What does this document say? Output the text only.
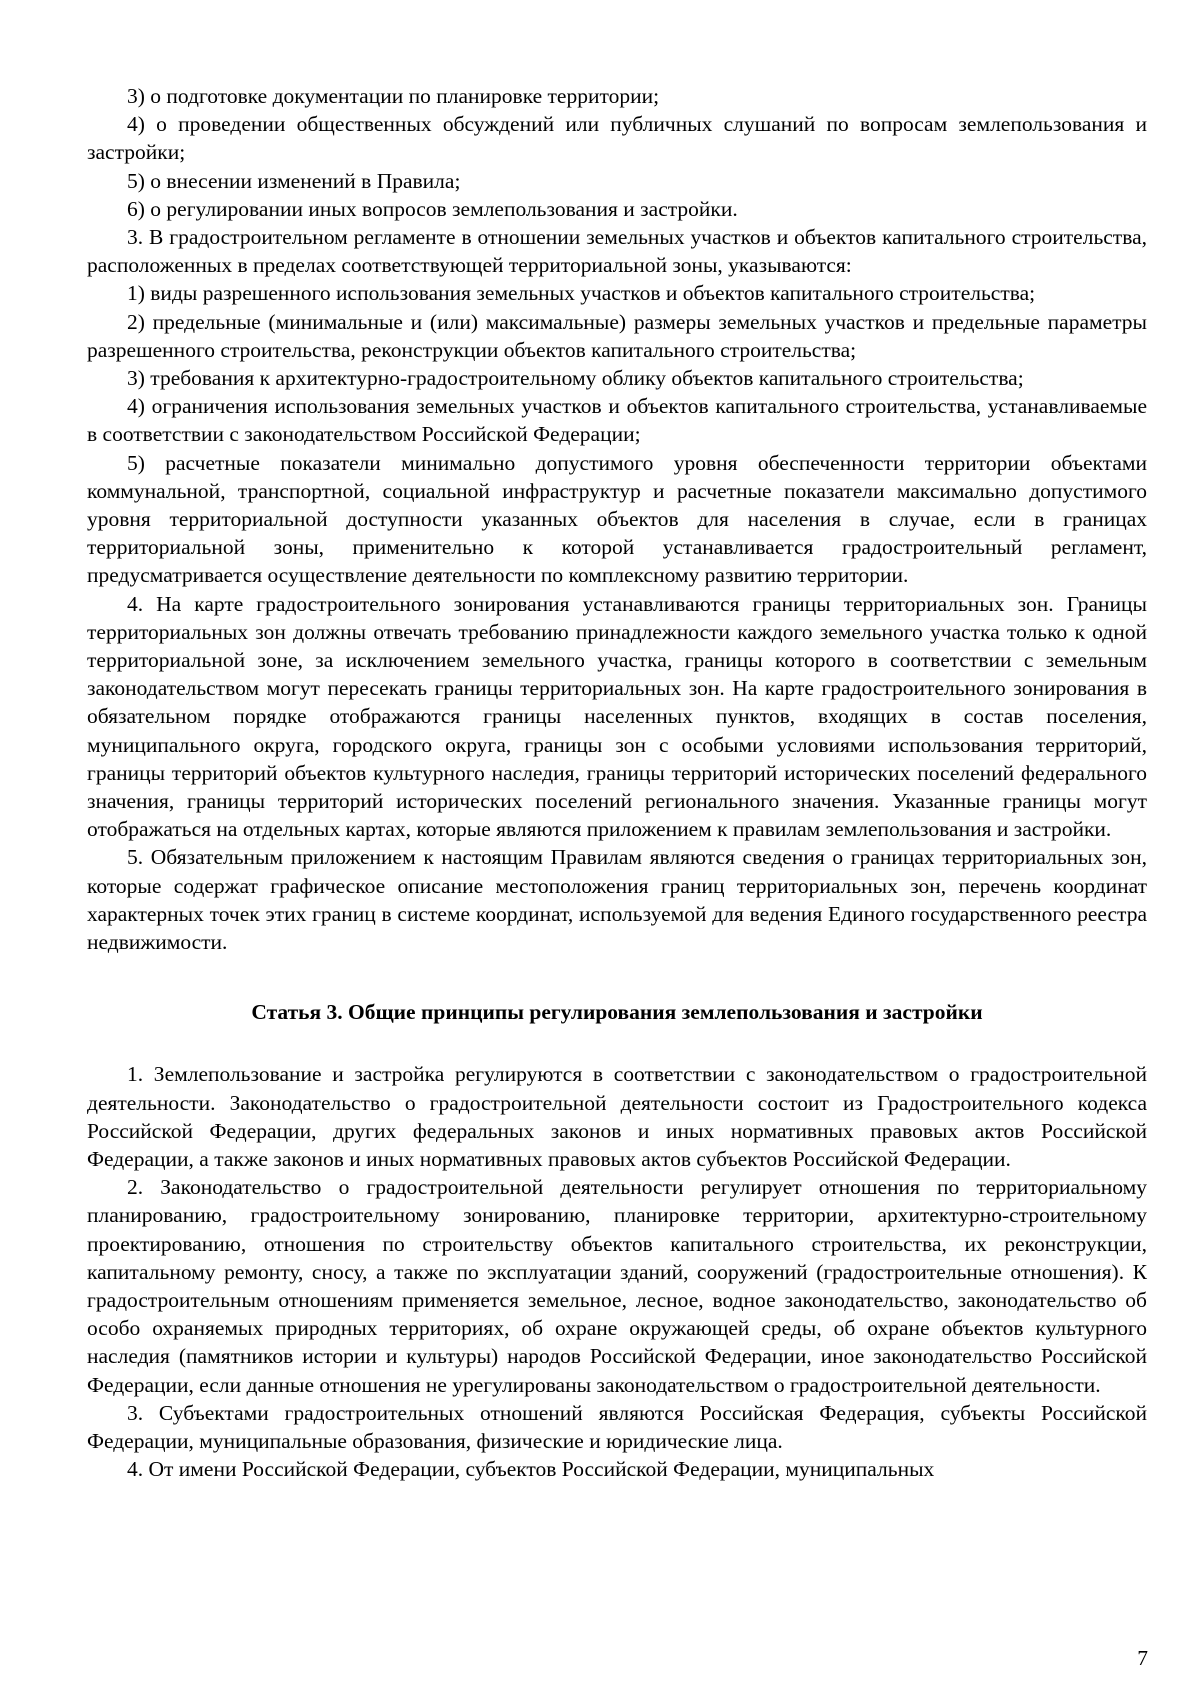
3) о подготовке документации по планировке территории;

4) о проведении общественных обсуждений или публичных слушаний по вопросам землепользования и застройки;

5) о внесении изменений в Правила;

6) о регулировании иных вопросов землепользования и застройки.

3. В градостроительном регламенте в отношении земельных участков и объектов капитального строительства, расположенных в пределах соответствующей территориальной зоны, указываются:

1) виды разрешенного использования земельных участков и объектов капитального строительства;

2) предельные (минимальные и (или) максимальные) размеры земельных участков и предельные параметры разрешенного строительства, реконструкции объектов капитального строительства;

3) требования к архитектурно-градостроительному облику объектов капитального строительства;

4) ограничения использования земельных участков и объектов капитального строительства, устанавливаемые в соответствии с законодательством Российской Федерации;

5) расчетные показатели минимально допустимого уровня обеспеченности территории объектами коммунальной, транспортной, социальной инфраструктур и расчетные показатели максимально допустимого уровня территориальной доступности указанных объектов для населения в случае, если в границах территориальной зоны, применительно к которой устанавливается градостроительный регламент, предусматривается осуществление деятельности по комплексному развитию территории.

4. На карте градостроительного зонирования устанавливаются границы территориальных зон. Границы территориальных зон должны отвечать требованию принадлежности каждого земельного участка только к одной территориальной зоне, за исключением земельного участка, границы которого в соответствии с земельным законодательством могут пересекать границы территориальных зон. На карте градостроительного зонирования в обязательном порядке отображаются границы населенных пунктов, входящих в состав поселения, муниципального округа, городского округа, границы зон с особыми условиями использования территорий, границы территорий объектов культурного наследия, границы территорий исторических поселений федерального значения, границы территорий исторических поселений регионального значения. Указанные границы могут отображаться на отдельных картах, которые являются приложением к правилам землепользования и застройки.

5. Обязательным приложением к настоящим Правилам являются сведения о границах территориальных зон, которые содержат графическое описание местоположения границ территориальных зон, перечень координат характерных точек этих границ в системе координат, используемой для ведения Единого государственного реестра недвижимости.

Статья 3. Общие принципы регулирования землепользования и застройки

1. Землепользование и застройка регулируются в соответствии с законодательством о градостроительной деятельности. Законодательство о градостроительной деятельности состоит из Градостроительного кодекса Российской Федерации, других федеральных законов и иных нормативных правовых актов Российской Федерации, а также законов и иных нормативных правовых актов субъектов Российской Федерации.

2. Законодательство о градостроительной деятельности регулирует отношения по территориальному планированию, градостроительному зонированию, планировке территории, архитектурно-строительному проектированию, отношения по строительству объектов капитального строительства, их реконструкции, капитальному ремонту, сносу, а также по эксплуатации зданий, сооружений (градостроительные отношения). К градостроительным отношениям применяется земельное, лесное, водное законодательство, законодательство об особо охраняемых природных территориях, об охране окружающей среды, об охране объектов культурного наследия (памятников истории и культуры) народов Российской Федерации, иное законодательство Российской Федерации, если данные отношения не урегулированы законодательством о градостроительной деятельности.

3. Субъектами градостроительных отношений являются Российская Федерация, субъекты Российской Федерации, муниципальные образования, физические и юридические лица.

4. От имени Российской Федерации, субъектов Российской Федерации, муниципальных

7
